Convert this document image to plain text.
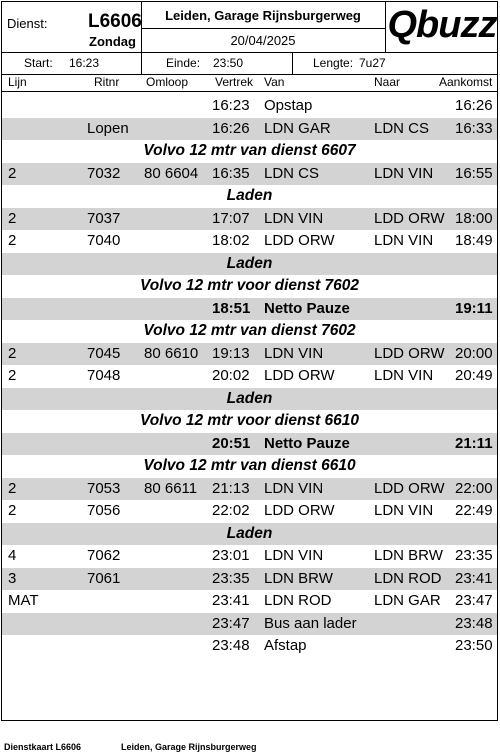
Dienst: L6606
Zondag
Leiden, Garage Rijnsburgerweg
20/04/2025	Qbuzz
Start: 16:23	Einde: 23:50	Lengte: 7u27
Lijn	Ritnr Omloop Vertrek Van	Naar	Aankomst
16:23 Opstap	16:26
Lopen	16:26 LDN GAR	LDN CS 16:33
Volvo 12 mtr van dienst 6607
2	7032 80 6604 16:35 LDN CS	LDN VIN 16:55
Laden
2	7037	17:07 LDN VIN	LDD ORW 18:00
2	7040	18:02 LDD ORW	LDN VIN 18:49
Laden
Volvo 12 mtr voor dienst 7602
18:51 Netto Pauze	19:11
Volvo 12 mtr van dienst 7602
2	7045 80 6610 19:13 LDN VIN	LDD ORW 20:00
2	7048	20:02 LDD ORW	LDN VIN 20:49
Laden
Volvo 12 mtr voor dienst 6610
20:51 Netto Pauze	21:11
Volvo 12 mtr van dienst 6610
2	7053 80 6611 21:13 LDN VIN	LDD ORW 22:00
2	7056	22:02 LDD ORW	LDN VIN 22:49
Laden
4	7062	23:01 LDN VIN	LDN BRW 23:35
3	7061	23:35 LDN BRW	LDN ROD 23:41
MAT	23:41 LDN ROD	LDN GAR 23:47
23:47 Bus aan lader	23:48
23:48 Afstap	23:50
Dienstkaart L6606	Leiden, Garage Rijnsburgerweg
